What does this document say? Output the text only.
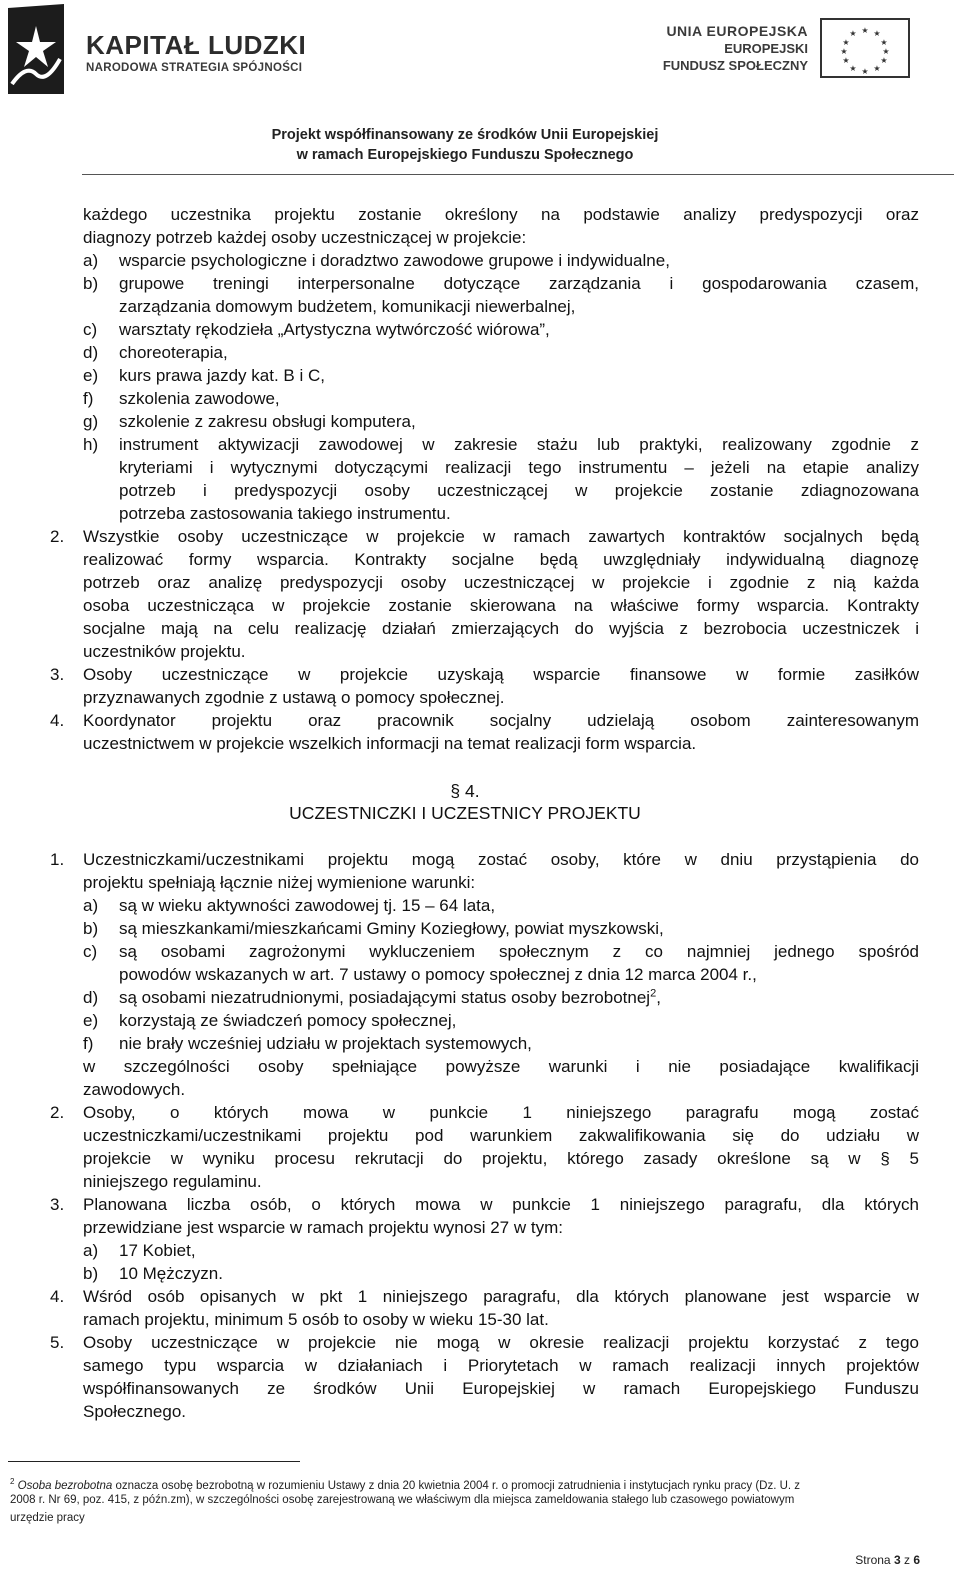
KAPITAŁ LUDZKI
NARODOWA STRATEGIA SPÓJNOŚCI
UNIA EUROPEJSKA
EUROPEJSKI
FUNDUSZ SPOŁECZNY
★ ★
★
★
★
★
★
★
★
★
★
★
Projekt współfinansowany ze środków Unii Europejskiej
w ramach Europejskiego Funduszu Społecznego
każdego uczestnika projektu zostanie określony na podstawie analizy predyspozycji oraz
diagnozy potrzeb każdej osoby uczestniczącej w projekcie:
a) wsparcie psychologiczne i doradztwo zawodowe grupowe i indywidualne,
b) grupowe treningi interpersonalne dotyczące zarządzania i gospodarowania czasem,
zarządzania domowym budżetem, komunikacji niewerbalnej,
c) warsztaty rękodzieła „Artystyczna wytwórczość wiórowa”,
d) choreoterapia,
e) kurs prawa jazdy kat. B i C,
f) szkolenia zawodowe,
g) szkolenie z zakresu obsługi komputera,
h) instrument aktywizacji zawodowej w zakresie stażu lub praktyki, realizowany zgodnie z
kryteriami i wytycznymi dotyczącymi realizacji tego instrumentu – jeżeli na etapie analizy
potrzeb i predyspozycji osoby uczestniczącej w projekcie zostanie zdiagnozowana
potrzeba zastosowania takiego instrumentu.
2. Wszystkie osoby uczestniczące w projekcie w ramach zawartych kontraktów socjalnych będą
realizować formy wsparcia. Kontrakty socjalne będą uwzględniały indywidualną diagnozę
potrzeb oraz analizę predyspozycji osoby uczestniczącej w projekcie i zgodnie z nią każda
osoba uczestnicząca w projekcie zostanie skierowana na właściwe formy wsparcia. Kontrakty
socjalne mają na celu realizację działań zmierzających do wyjścia z bezrobocia uczestniczek i
uczestników projektu.
3. Osoby uczestniczące w projekcie uzyskają wsparcie finansowe w formie zasiłków
przyznawanych zgodnie z ustawą o pomocy społecznej.
4. Koordynator projektu oraz pracownik socjalny udzielają osobom zainteresowanym
uczestnictwem w projekcie wszelkich informacji na temat realizacji form wsparcia.
§ 4.
UCZESTNICZKI I UCZESTNICY PROJEKTU
1. Uczestniczkami/uczestnikami projektu mogą zostać osoby, które w dniu przystąpienia do
projektu spełniają łącznie niżej wymienione warunki:
a) są w wieku aktywności zawodowej tj. 15 – 64 lata,
b) są mieszkankami/mieszkańcami Gminy Koziegłowy, powiat myszkowski,
c) są osobami zagrożonymi wykluczeniem społecznym z co najmniej jednego spośród
powodów wskazanych w art. 7 ustawy o pomocy społecznej z dnia 12 marca 2004 r.,
d) są osobami niezatrudnionymi, posiadającymi status osoby bezrobotnej$^2$,
e) korzystają ze świadczeń pomocy społecznej,
f) nie brały wcześniej udziału w projektach systemowych,
w szczególności osoby spełniające powyższe warunki i nie posiadające kwalifikacji
zawodowych.
2. Osoby, o których mowa w punkcie 1 niniejszego paragrafu mogą zostać
uczestniczkami/uczestnikami projektu pod warunkiem zakwalifikowania się do udziału w
projekcie w wyniku procesu rekrutacji do projektu, którego zasady określone są w § 5
niniejszego regulaminu.
3. Planowana liczba osób, o których mowa w punkcie 1 niniejszego paragrafu, dla których
przewidziane jest wsparcie w ramach projektu wynosi 27 w tym:
a) 17 Kobiet,
b) 10 Mężczyzn.
4. Wśród osób opisanych w pkt 1 niniejszego paragrafu, dla których planowane jest wsparcie w
ramach projektu, minimum 5 osób to osoby w wieku 15-30 lat.
5. Osoby uczestniczące w projekcie nie mogą w okresie realizacji projektu korzystać z tego
samego typu wsparcia w działaniach i Priorytetach w ramach realizacji innych projektów
współfinansowanych ze środków Unii Europejskiej w ramach Europejskiego Funduszu
Społecznego.
$^2$ Osoba bezrobotna oznacza osobę bezrobotną w rozumieniu Ustawy z dnia 20 kwietnia 2004 r. o promocji zatrudnienia i instytucjach rynku pracy (Dz. U. z
2008 r. Nr 69, poz. 415, z późn.zm), w szczególności osobę zarejestrowaną we właściwym dla miejsca zameldowania stałego lub czasowego powiatowym
urzędzie pracy
Strona 3 z 6
